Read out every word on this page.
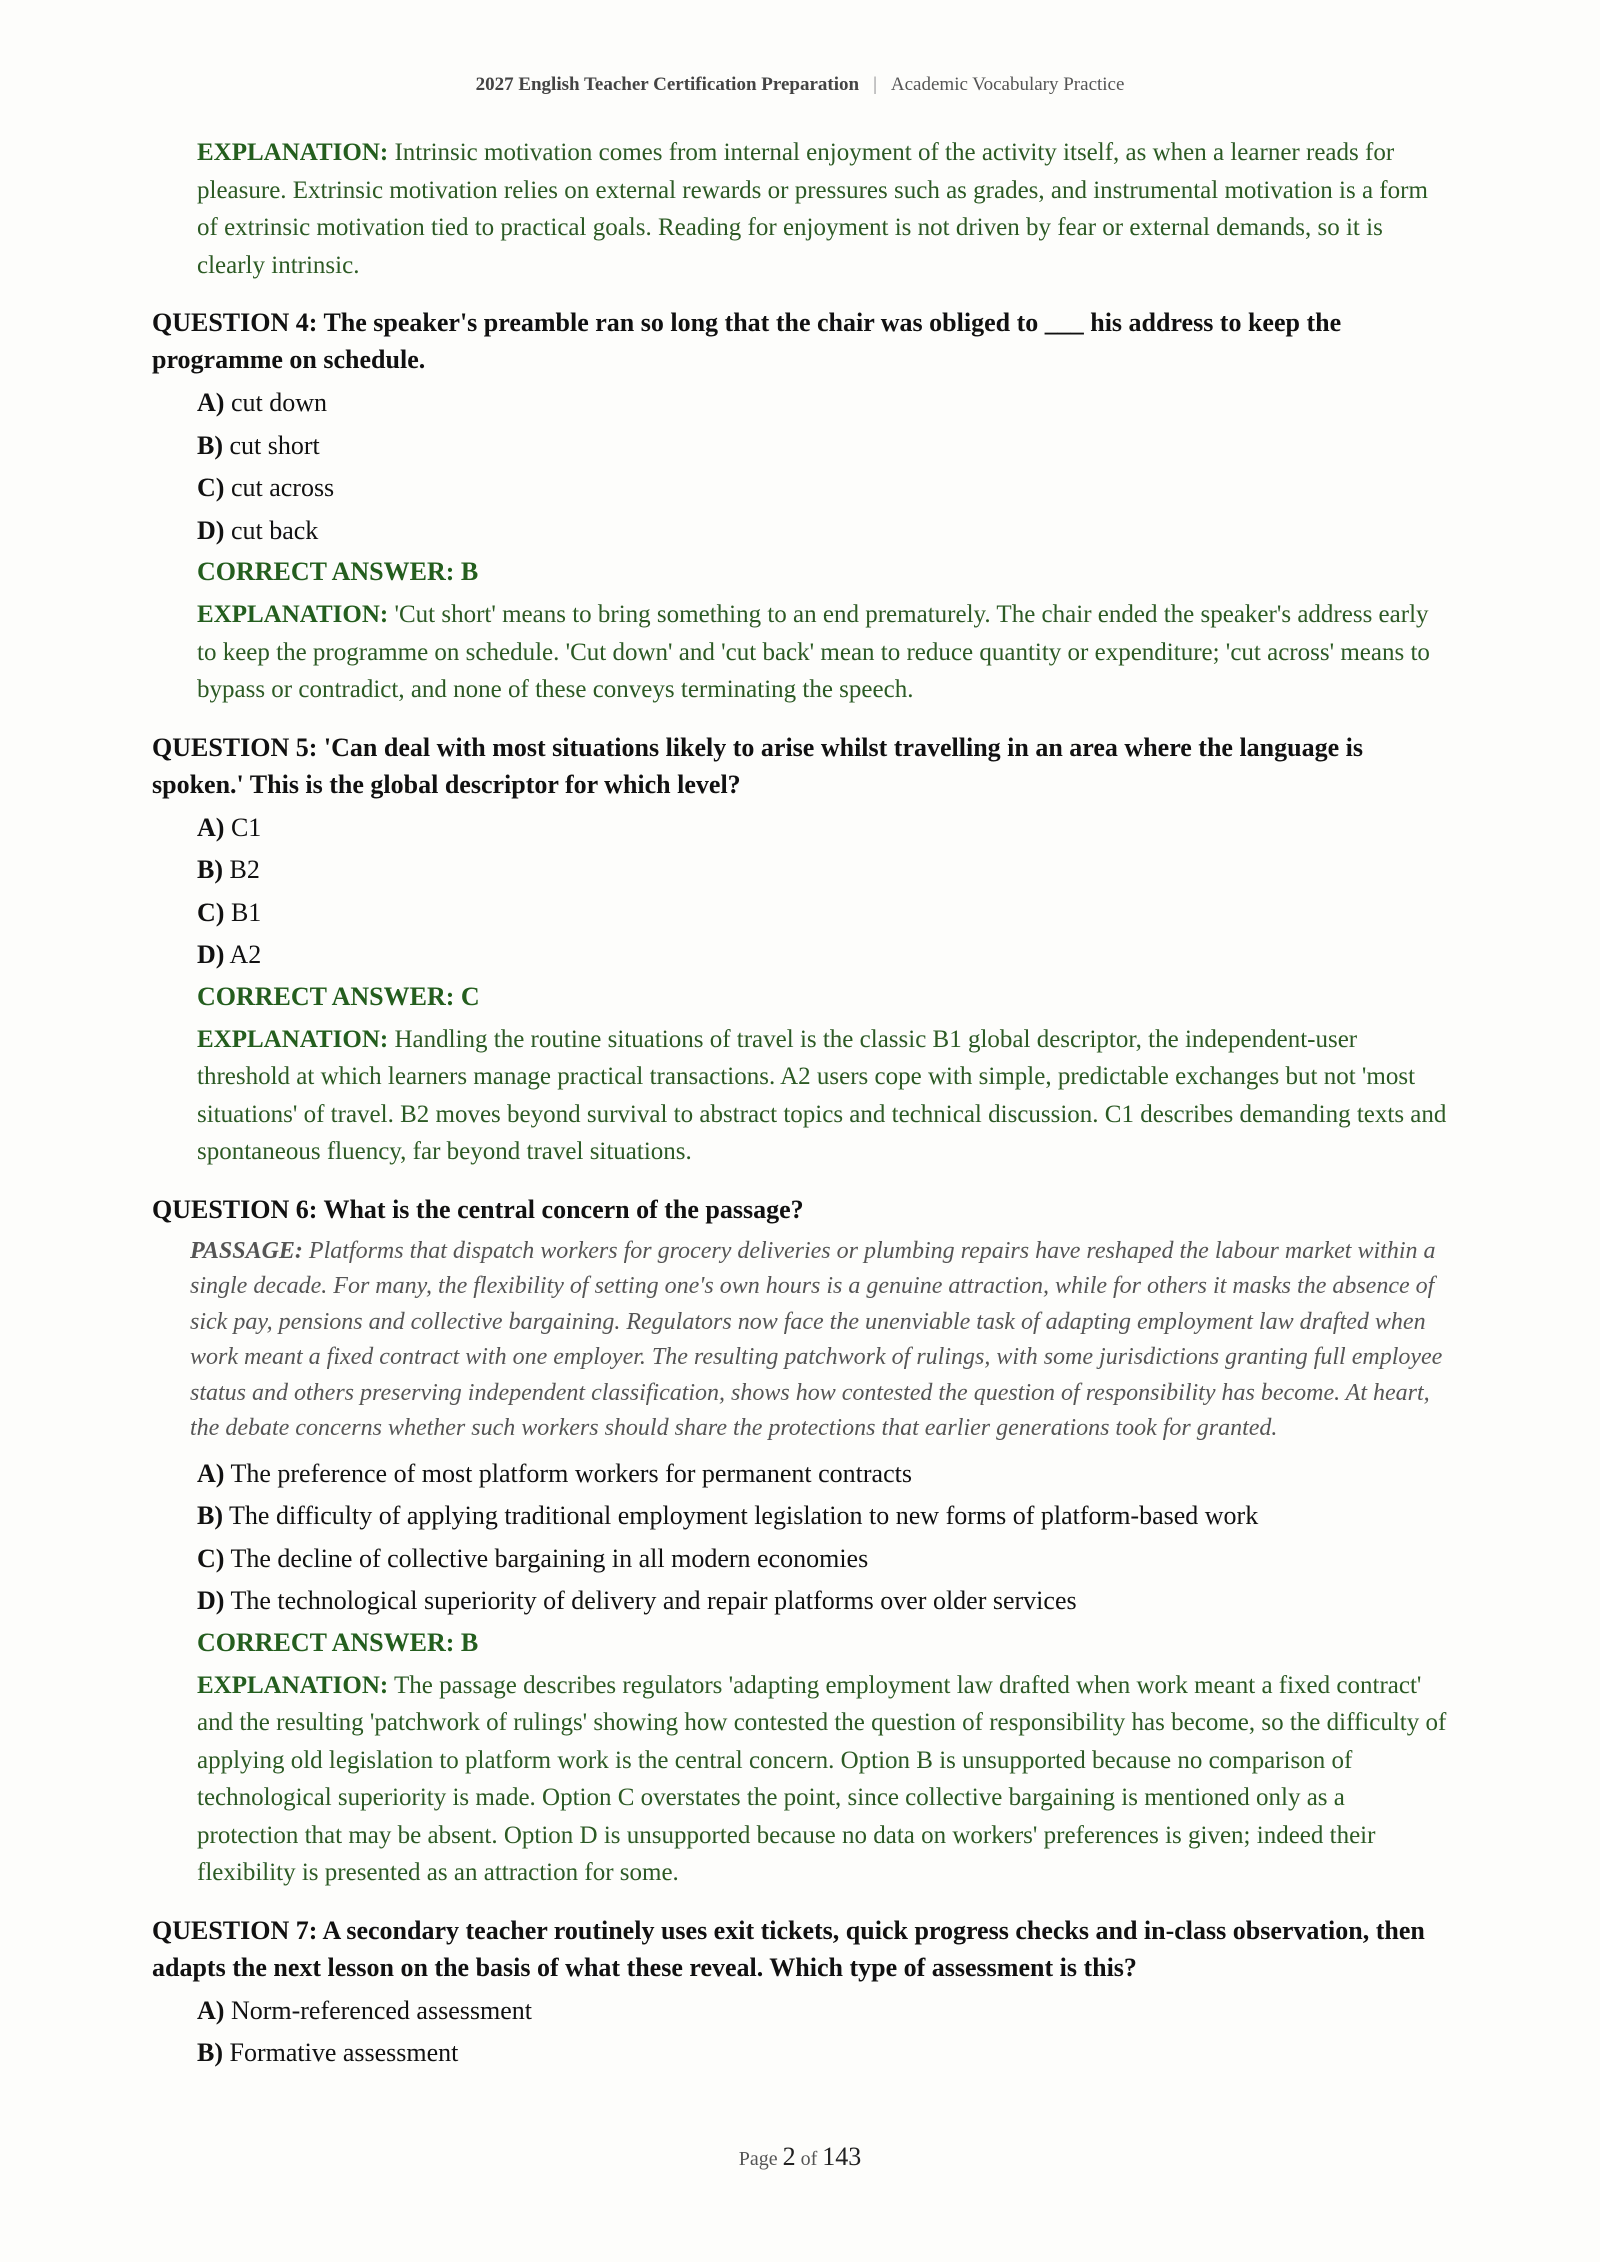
2027 English Teacher Certification Preparation | Academic Vocabulary Practice
EXPLANATION: Intrinsic motivation comes from internal enjoyment of the activity itself, as when a learner reads for pleasure. Extrinsic motivation relies on external rewards or pressures such as grades, and instrumental motivation is a form of extrinsic motivation tied to practical goals. Reading for enjoyment is not driven by fear or external demands, so it is clearly intrinsic.
QUESTION 4: The speaker's preamble ran so long that the chair was obliged to ___ his address to keep the programme on schedule.
A) cut down
B) cut short
C) cut across
D) cut back
CORRECT ANSWER: B
EXPLANATION: 'Cut short' means to bring something to an end prematurely. The chair ended the speaker's address early to keep the programme on schedule. 'Cut down' and 'cut back' mean to reduce quantity or expenditure; 'cut across' means to bypass or contradict, and none of these conveys terminating the speech.
QUESTION 5: 'Can deal with most situations likely to arise whilst travelling in an area where the language is spoken.' This is the global descriptor for which level?
A) C1
B) B2
C) B1
D) A2
CORRECT ANSWER: C
EXPLANATION: Handling the routine situations of travel is the classic B1 global descriptor, the independent-user threshold at which learners manage practical transactions. A2 users cope with simple, predictable exchanges but not 'most situations' of travel. B2 moves beyond survival to abstract topics and technical discussion. C1 describes demanding texts and spontaneous fluency, far beyond travel situations.
QUESTION 6: What is the central concern of the passage?
PASSAGE: Platforms that dispatch workers for grocery deliveries or plumbing repairs have reshaped the labour market within a single decade. For many, the flexibility of setting one's own hours is a genuine attraction, while for others it masks the absence of sick pay, pensions and collective bargaining. Regulators now face the unenviable task of adapting employment law drafted when work meant a fixed contract with one employer. The resulting patchwork of rulings, with some jurisdictions granting full employee status and others preserving independent classification, shows how contested the question of responsibility has become. At heart, the debate concerns whether such workers should share the protections that earlier generations took for granted.
A) The preference of most platform workers for permanent contracts
B) The difficulty of applying traditional employment legislation to new forms of platform-based work
C) The decline of collective bargaining in all modern economies
D) The technological superiority of delivery and repair platforms over older services
CORRECT ANSWER: B
EXPLANATION: The passage describes regulators 'adapting employment law drafted when work meant a fixed contract' and the resulting 'patchwork of rulings' showing how contested the question of responsibility has become, so the difficulty of applying old legislation to platform work is the central concern. Option B is unsupported because no comparison of technological superiority is made. Option C overstates the point, since collective bargaining is mentioned only as a protection that may be absent. Option D is unsupported because no data on workers' preferences is given; indeed their flexibility is presented as an attraction for some.
QUESTION 7: A secondary teacher routinely uses exit tickets, quick progress checks and in-class observation, then adapts the next lesson on the basis of what these reveal. Which type of assessment is this?
A) Norm-referenced assessment
B) Formative assessment
Page 2 of 143
